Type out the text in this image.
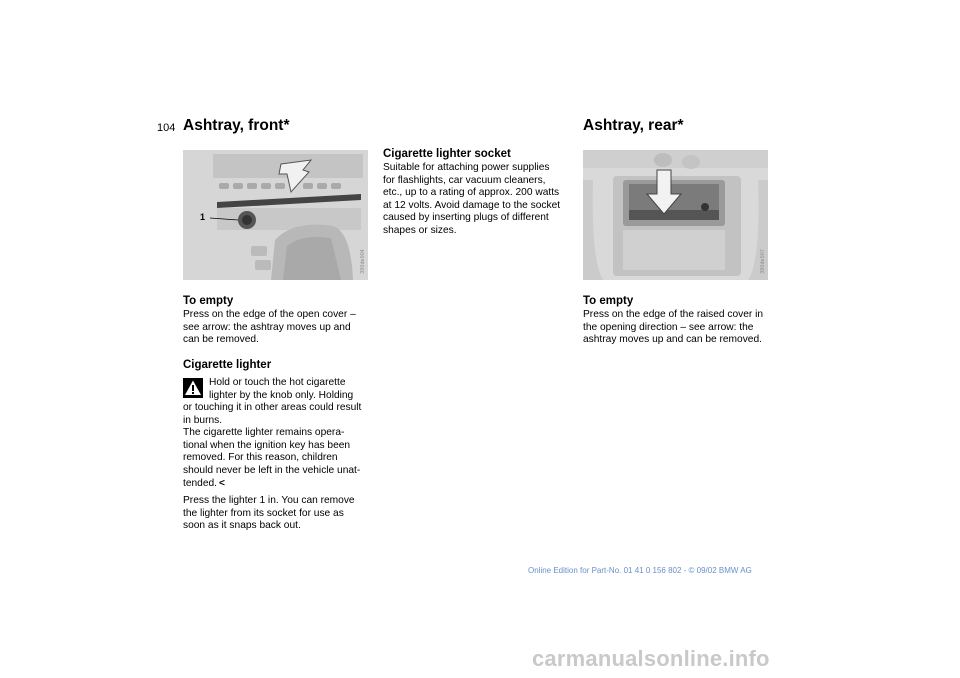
104 Ashtray, front*
1
390de004
To empty
Press on the edge of the open cover –
see arrow: the ashtray moves up and
can be removed.
Cigarette lighter
Hold or touch the hot cigarette
lighter by the knob only. Holding
or touching it in other areas could result
in burns.
The cigarette lighter remains opera-
tional when the ignition key has been
removed. For this reason, children
should never be left in the vehicle unat-
tended. <
Press the lighter 1 in. You can remove
the lighter from its socket for use as
soon as it snaps back out.
Cigarette lighter socket
Suitable for attaching power supplies
for flashlights, car vacuum cleaners,
etc., up to a rating of approx. 200 watts
at 12 volts. Avoid damage to the socket
caused by inserting plugs of different
shapes or sizes.
Ashtray, rear*
390de007
To empty
Press on the edge of the raised cover in
the opening direction – see arrow: the
ashtray moves up and can be removed.
Online Edition for Part-No. 01 41 0 156 802 - © 09/02 BMW AG
carmanualsonline.info
